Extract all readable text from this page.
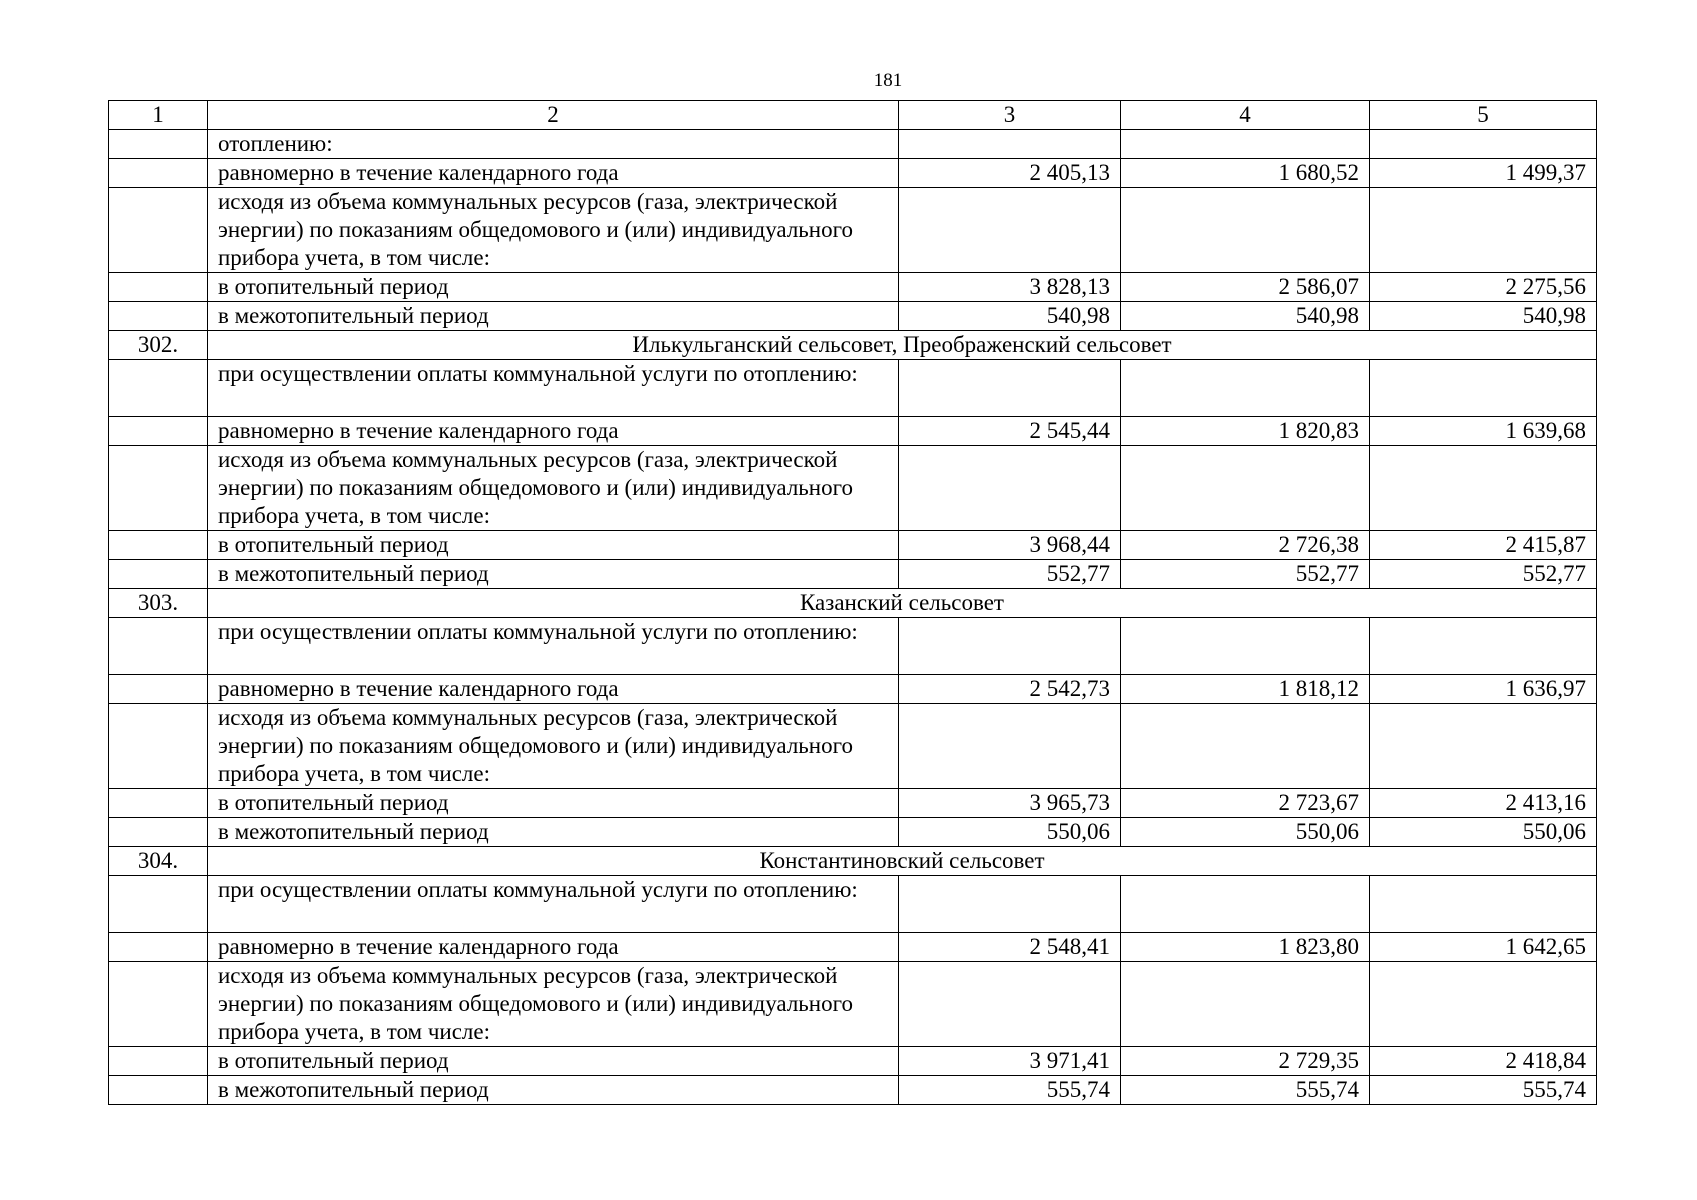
181
1	2	3	4	5
	отоплению:			
	равномерно в течение календарного года	2 405,13	1 680,52	1 499,37
	исходя из объема коммунальных ресурсов (газа, электрической энергии) по показаниям общедомового и (или) индивидуального прибора учета, в том числе:			
	в отопительный период	3 828,13	2 586,07	2 275,56
	в межотопительный период	540,98	540,98	540,98
302.	Илькульганский сельсовет, Преображенский сельсовет			
	при осуществлении оплаты коммунальной услуги по отоплению:			
	равномерно в течение календарного года	2 545,44	1 820,83	1 639,68
	исходя из объема коммунальных ресурсов (газа, электрической энергии) по показаниям общедомового и (или) индивидуального прибора учета, в том числе:			
	в отопительный период	3 968,44	2 726,38	2 415,87
	в межотопительный период	552,77	552,77	552,77
303.	Казанский сельсовет			
	при осуществлении оплаты коммунальной услуги по отоплению:			
	равномерно в течение календарного года	2 542,73	1 818,12	1 636,97
	исходя из объема коммунальных ресурсов (газа, электрической энергии) по показаниям общедомового и (или) индивидуального прибора учета, в том числе:			
	в отопительный период	3 965,73	2 723,67	2 413,16
	в межотопительный период	550,06	550,06	550,06
304.	Константиновский сельсовет			
	при осуществлении оплаты коммунальной услуги по отоплению:			
	равномерно в течение календарного года	2 548,41	1 823,80	1 642,65
	исходя из объема коммунальных ресурсов (газа, электрической энергии) по показаниям общедомового и (или) индивидуального прибора учета, в том числе:			
	в отопительный период	3 971,41	2 729,35	2 418,84
	в межотопительный период	555,74	555,74	555,74
